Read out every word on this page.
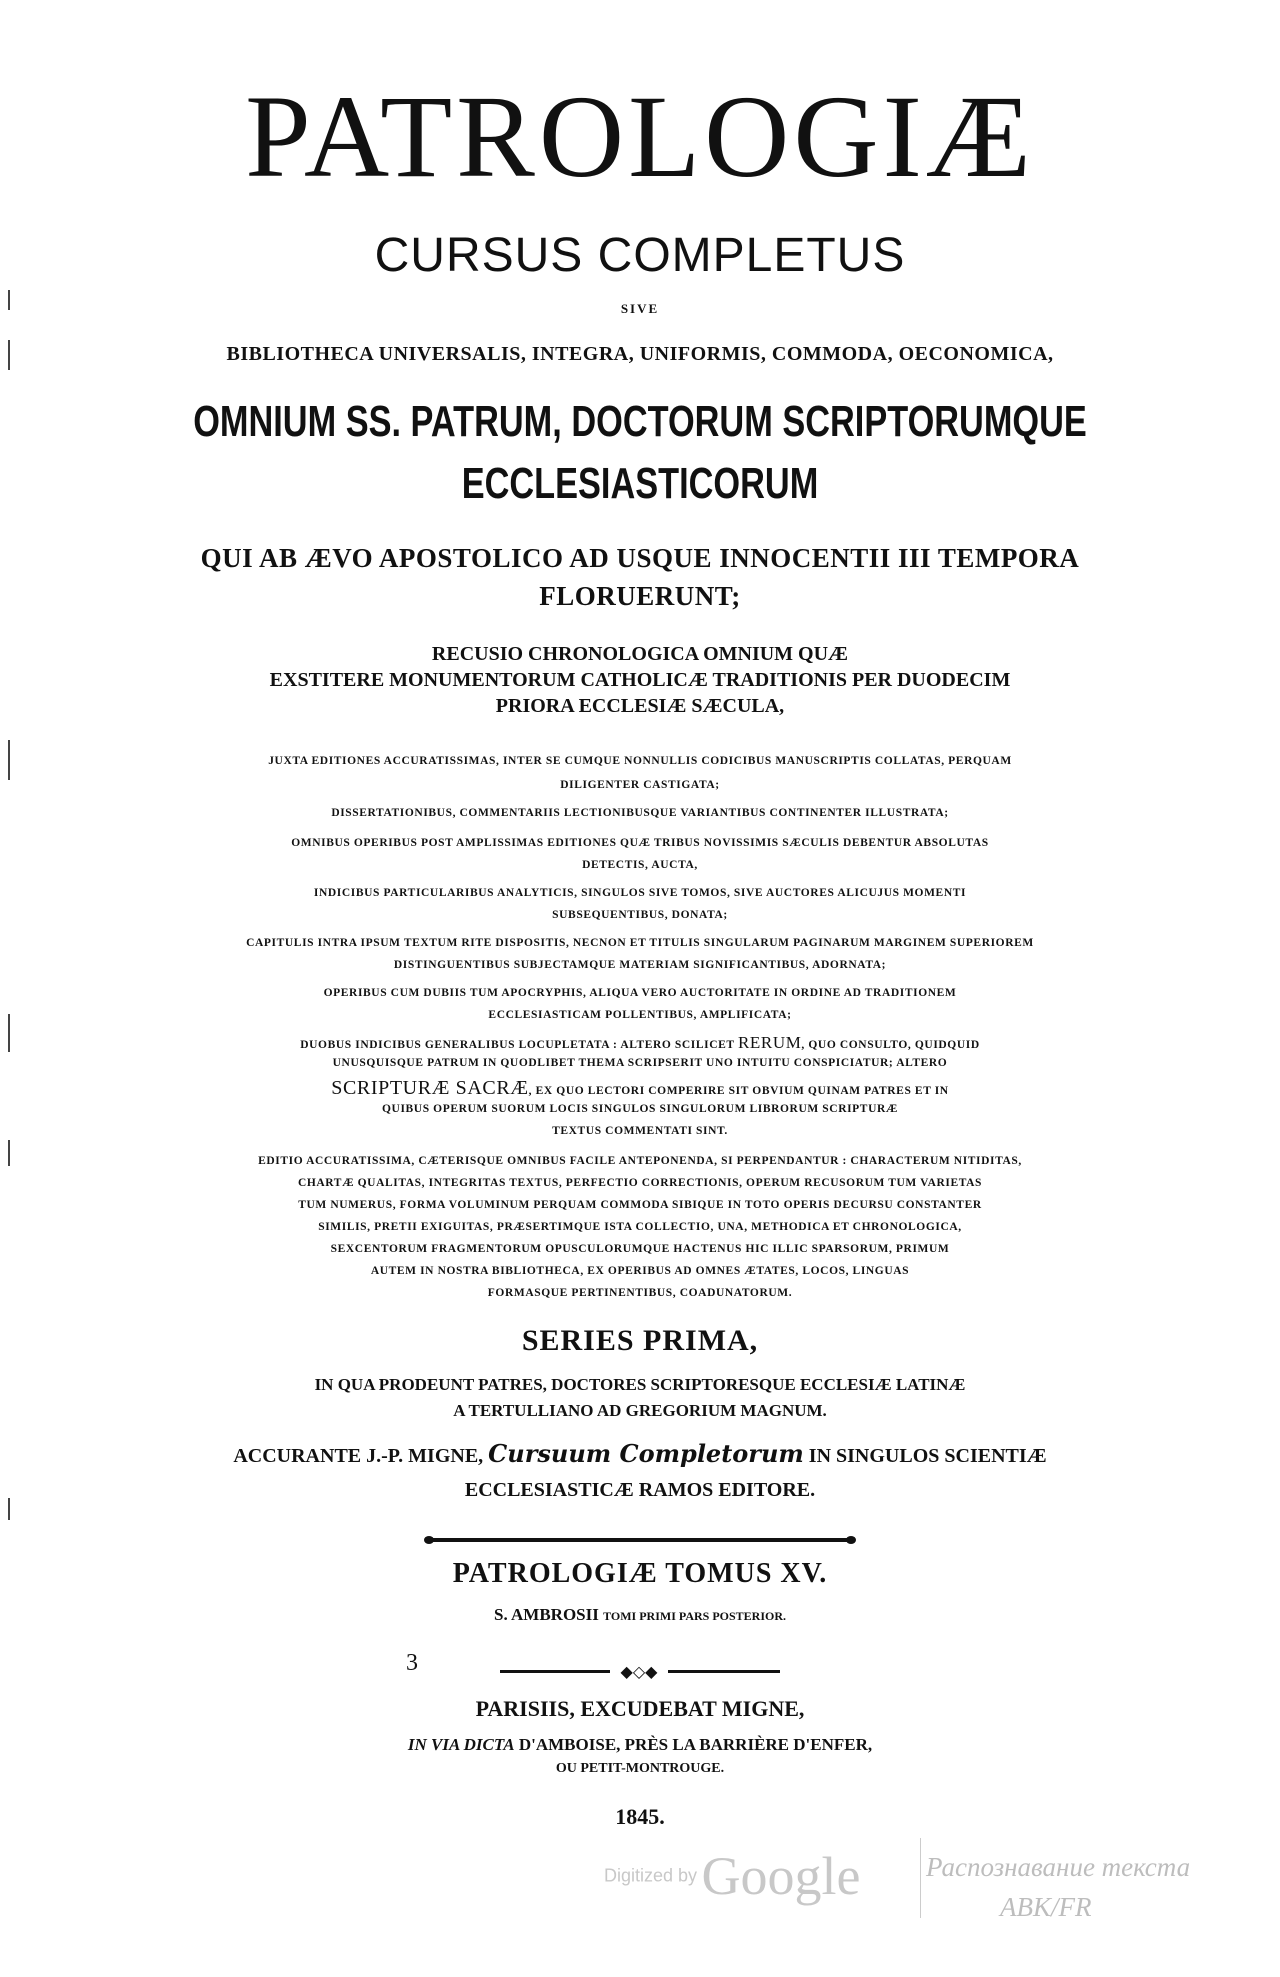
PATROLOGIÆ
CURSUS COMPLETUS
SIVE
BIBLIOTHECA UNIVERSALIS, INTEGRA, UNIFORMIS, COMMODA, OECONOMICA,
OMNIUM SS. PATRUM, DOCTORUM SCRIPTORUMQUE
ECCLESIASTICORUM
QUI AB ÆVO APOSTOLICO AD USQUE INNOCENTII III TEMPORA
FLORUERUNT;
RECUSIO CHRONOLOGICA OMNIUM QUÆ
EXSTITERE MONUMENTORUM CATHOLICÆ TRADITIONIS PER DUODECIM
PRIORA ECCLESIÆ SÆCULA,
JUXTA EDITIONES ACCURATISSIMAS, INTER SE CUMQUE NONNULLIS CODICIBUS MANUSCRIPTIS COLLATAS, PERQUAM
DILIGENTER CASTIGATA;
DISSERTATIONIBUS, COMMENTARIIS LECTIONIBUSQUE VARIANTIBUS CONTINENTER ILLUSTRATA;
OMNIBUS OPERIBUS POST AMPLISSIMAS EDITIONES QUÆ TRIBUS NOVISSIMIS SÆCULIS DEBENTUR ABSOLUTAS
DETECTIS, AUCTA,
INDICIBUS PARTICULARIBUS ANALYTICIS, SINGULOS SIVE TOMOS, SIVE AUCTORES ALICUJUS MOMENTI
SUBSEQUENTIBUS, DONATA;
CAPITULIS INTRA IPSUM TEXTUM RITE DISPOSITIS, NECNON ET TITULIS SINGULARUM PAGINARUM MARGINEM SUPERIOREM
DISTINGUENTIBUS SUBJECTAMQUE MATERIAM SIGNIFICANTIBUS, ADORNATA;
OPERIBUS CUM DUBIIS TUM APOCRYPHIS, ALIQUA VERO AUCTORITATE IN ORDINE AD TRADITIONEM
ECCLESIASTICAM POLLENTIBUS, AMPLIFICATA;
DUOBUS INDICIBUS GENERALIBUS LOCUPLETATA : ALTERO SCILICET RERUM, QUO CONSULTO, QUIDQUID
UNUSQUISQUE PATRUM IN QUODLIBET THEMA SCRIPSERIT UNO INTUITU CONSPICIATUR; ALTERO
SCRIPTURÆ SACRÆ, EX QUO LECTORI COMPERIRE SIT OBVIUM QUINAM PATRES ET IN
QUIBUS OPERUM SUORUM LOCIS SINGULOS SINGULORUM LIBRORUM SCRIPTURÆ
TEXTUS COMMENTATI SINT.
EDITIO ACCURATISSIMA, CÆTERISQUE OMNIBUS FACILE ANTEPONENDA, SI PERPENDANTUR : CHARACTERUM NITIDITAS,
CHARTÆ QUALITAS, INTEGRITAS TEXTUS, PERFECTIO CORRECTIONIS, OPERUM RECUSORUM TUM VARIETAS
TUM NUMERUS, FORMA VOLUMINUM PERQUAM COMMODA SIBIQUE IN TOTO OPERIS DECURSU CONSTANTER
SIMILIS, PRETII EXIGUITAS, PRÆSERTIMQUE ISTA COLLECTIO, UNA, METHODICA ET CHRONOLOGICA,
SEXCENTORUM FRAGMENTORUM OPUSCULORUMQUE HACTENUS HIC ILLIC SPARSORUM, PRIMUM
AUTEM IN NOSTRA BIBLIOTHECA, EX OPERIBUS AD OMNES ÆTATES, LOCOS, LINGUAS
FORMASQUE PERTINENTIBUS, COADUNATORUM.
SERIES PRIMA,
IN QUA PRODEUNT PATRES, DOCTORES SCRIPTORESQUE ECCLESIÆ LATINÆ
A TERTULLIANO AD GREGORIUM MAGNUM.
ACCURANTE J.-P. MIGNE, Cursuum Completorum IN SINGULOS SCIENTIÆ
ECCLESIASTICÆ RAMOS EDITORE.
PATROLOGIÆ TOMUS XV.
S. AMBROSII TOMI PRIMI PARS POSTERIOR.
3	◆◇◆
PARISIIS, EXCUDEBAT MIGNE,
IN VIA DICTA D'AMBOISE, PRÈS LA BARRIÈRE D'ENFER,
OU PETIT-MONTROUGE.
1845.
Digitized by Google Распознавание текста
ABK/FR
